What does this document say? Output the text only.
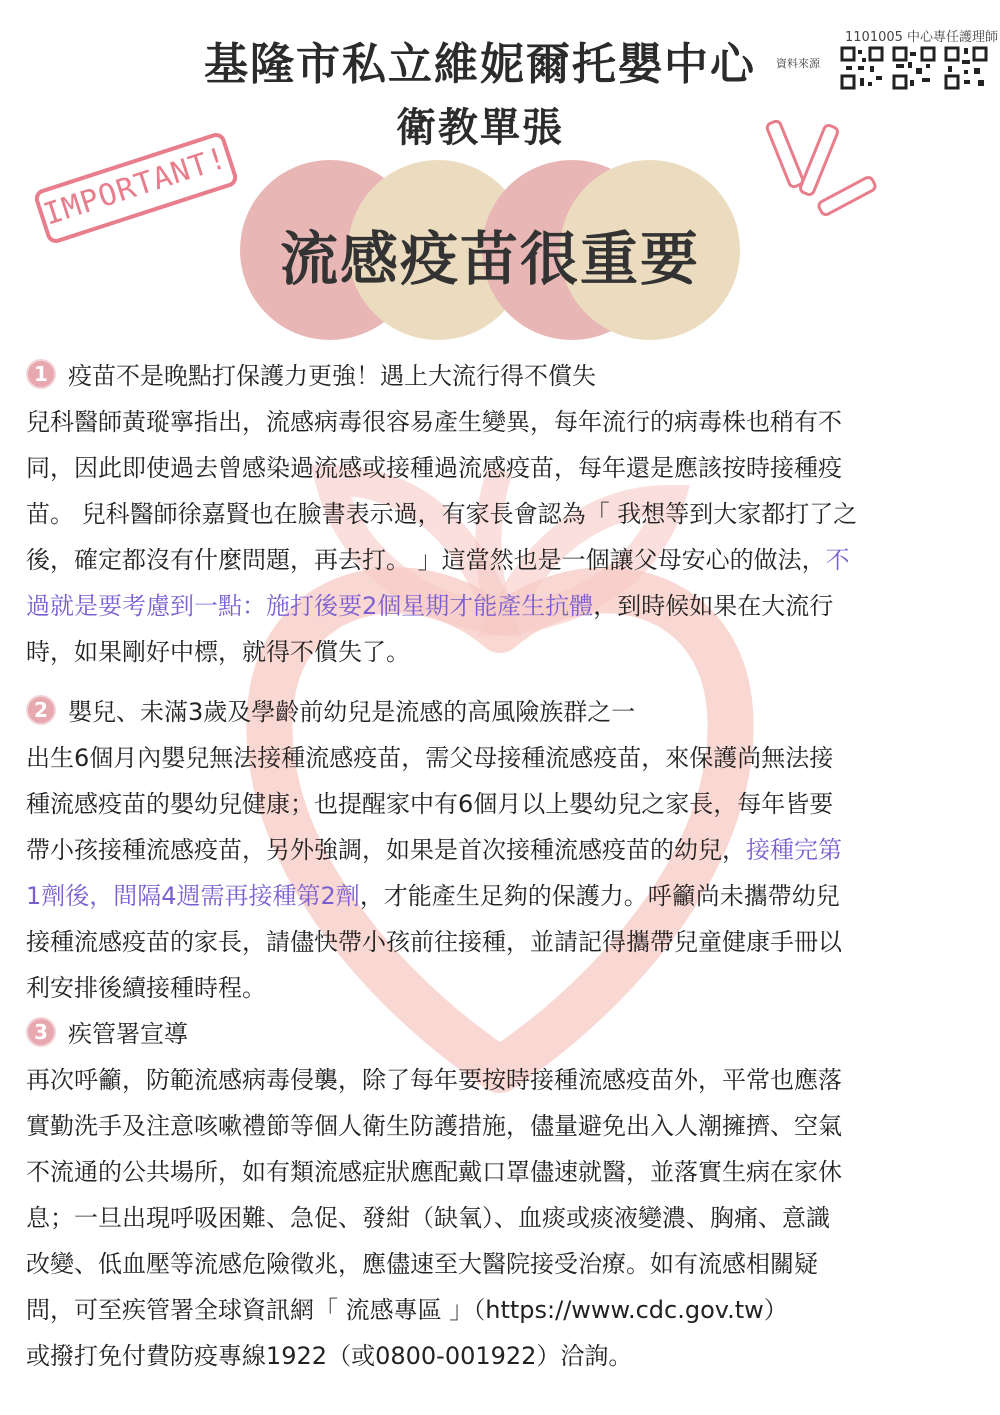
基隆市私立維妮爾托嬰中心
衛教單張
1101005 中心專任護理師
資料來源
IMPORTANT!
流感疫苗很重要
1 疫苗不是晚點打保護力更強！遇上大流行得不償失
兒科醫師黃瑽寧指出，流感病毒很容易產生變異，每年流行的病毒株也稍有不
同，因此即使過去曾感染過流感或接種過流感疫苗，每年還是應該按時接種疫
苗。 兒科醫師徐嘉賢也在臉書表示過，有家長會認為「 我想等到大家都打了之
後，確定都沒有什麼問題，再去打。 」這當然也是一個讓父母安心的做法，不
過就是要考慮到一點：施打後要2個星期才能產生抗體，到時候如果在大流行
時，如果剛好中標，就得不償失了。
2 嬰兒、未滿3歲及學齡前幼兒是流感的高風險族群之一
出生6個月內嬰兒無法接種流感疫苗，需父母接種流感疫苗，來保護尚無法接
種流感疫苗的嬰幼兒健康；也提醒家中有6個月以上嬰幼兒之家長，每年皆要
帶小孩接種流感疫苗，另外強調，如果是首次接種流感疫苗的幼兒，接種完第
1劑後，間隔4週需再接種第2劑，才能產生足夠的保護力。呼籲尚未攜帶幼兒
接種流感疫苗的家長，請儘快帶小孩前往接種，並請記得攜帶兒童健康手冊以
利安排後續接種時程。
3 疾管署宣導
再次呼籲，防範流感病毒侵襲，除了每年要按時接種流感疫苗外，平常也應落
實勤洗手及注意咳嗽禮節等個人衛生防護措施，儘量避免出入人潮擁擠、空氣
不流通的公共場所，如有類流感症狀應配戴口罩儘速就醫，並落實生病在家休
息；一旦出現呼吸困難、急促、發紺（缺氧）、血痰或痰液變濃、胸痛、意識
改變、低血壓等流感危險徵兆，應儘速至大醫院接受治療。如有流感相關疑
問，可至疾管署全球資訊網「 流感專區 」（https://www.cdc.gov.tw）
或撥打免付費防疫專線1922（或0800-001922）洽詢。
